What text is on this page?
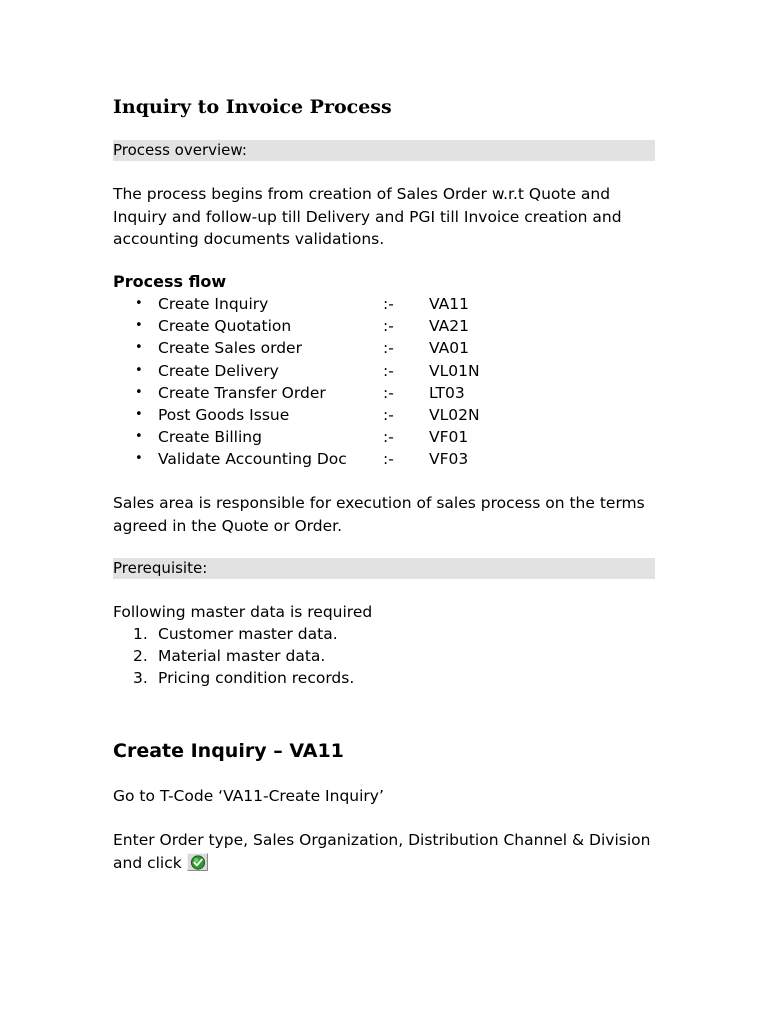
Inquiry to Invoice Process
Process overview:

The process begins from creation of Sales Order w.r.t Quote and Inquiry and follow-up till Delivery and PGI till Invoice creation and accounting documents validations.

Process flow
• Create Inquiry	:- VA11
• Create Quotation	:- VA21
• Create Sales order	:- VA01
• Create Delivery	:- VL01N
• Create Transfer Order	:- LT03
• Post Goods Issue	:- VL02N
• Create Billing	:- VF01
• Validate Accounting Doc :- VF03

Sales area is responsible for execution of sales process on the terms agreed in the Quote or Order.

Prerequisite:

Following master data is required

1. Customer master data.
2. Material master data.
3. Pricing condition records.
Create Inquiry – VA11

Go to T-Code ‘VA11-Create Inquiry’

Enter Order type, Sales Organization, Distribution Channel & Division and click
